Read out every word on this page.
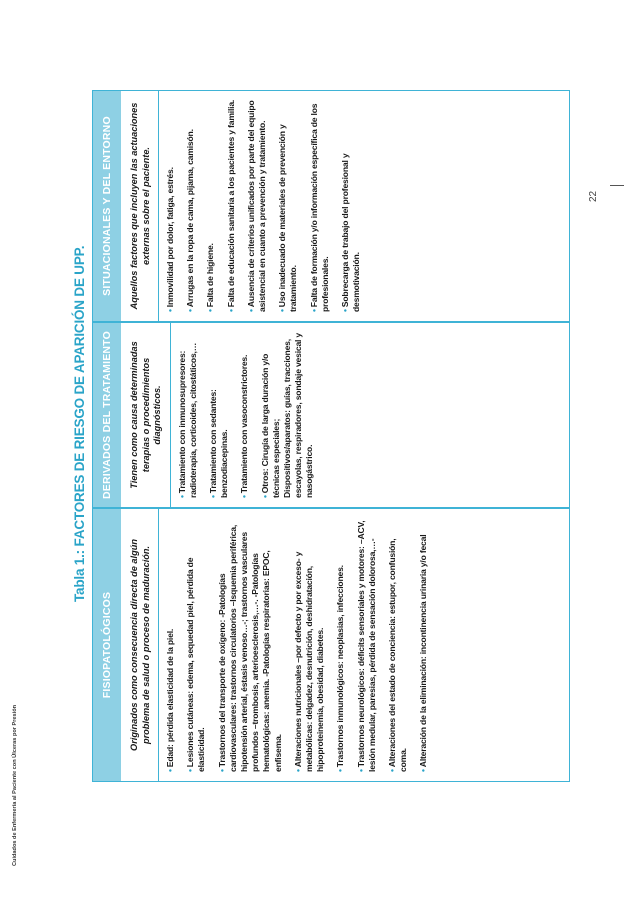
Cuidados de Enfermería al Paciente con Úlceras por Presión
Tabla 1.: FACTORES DE RIESGO DE APARICIÓN DE UPP.
FISIOPATOLÓGICOS	Originados como consecuencia directa de algún problema de salud o proceso de maduración.
•Edad: pérdida elasticidad de la piel.
•Lesiones cutáneas: edema, sequedad piel, pérdida de elasticidad. •Trastornos del transporte de oxígeno: -Patologías cardiovasculares: trastornos circulatorios –Isquemia periférica, hipotensión arterial, éstasis venoso…-; trastornos vasculares profundos –trombosis, arterioesclerosis,…-. -Patologías hematológicas: anemia. -Patologías respiratorias: EPOC, enfisema. •Alteraciones nutricionales –por defecto y por exceso- y metabólicas: delgadez, desnutrición, deshidratación, hipoproteinemia, obesidad, diabetes. •Trastornos inmunológicos: neoplasias, infecciones.
•Trastornos neurológicos: déficits sensoriales y motores: –ACV, lesión medular, paresias, pérdida de sensación dolorosa,…- •Alteraciones del estado de conciencia: estupor, confusión, coma. •Alteración de la eliminación: incontinencia urinaria y/o fecal
DERIVADOS DEL TRATAMIENTO	Tienen como causa determinadas terapias o procedimientos diagnósticos.
•Tratamiento con inmunosupresores: radioterapia, corticoides, citostáticos,… •Tratamiento con sedantes: benzodiacepinas. •Tratamiento con vasoconstrictores.
•Otros: Cirugía de larga duración y/o técnicas especiales; Dispositivos/aparatos: guías, tracciones, escayolas, respiradores, sondaje vesical y nasogástrico.
SITUACIONALES Y DEL ENTORNO	Aquellos factores que incluyen las actuaciones externas sobre el paciente.
•Inmovilidad por dolor, fatiga, estrés.
•Arrugas en la ropa de cama, pijama, camisón.
•Falta de higiene.
•Falta de educación sanitaria a los pacientes y familia.
•Ausencia de criterios unificados por parte del equipo asistencial en cuanto a prevención y tratamiento. •Uso inadecuado de materiales de prevención y tratamiento. •Falta de formación y/o información específica de los profesionales. •Sobrecarga de trabajo del profesional y desmotivación.
22
